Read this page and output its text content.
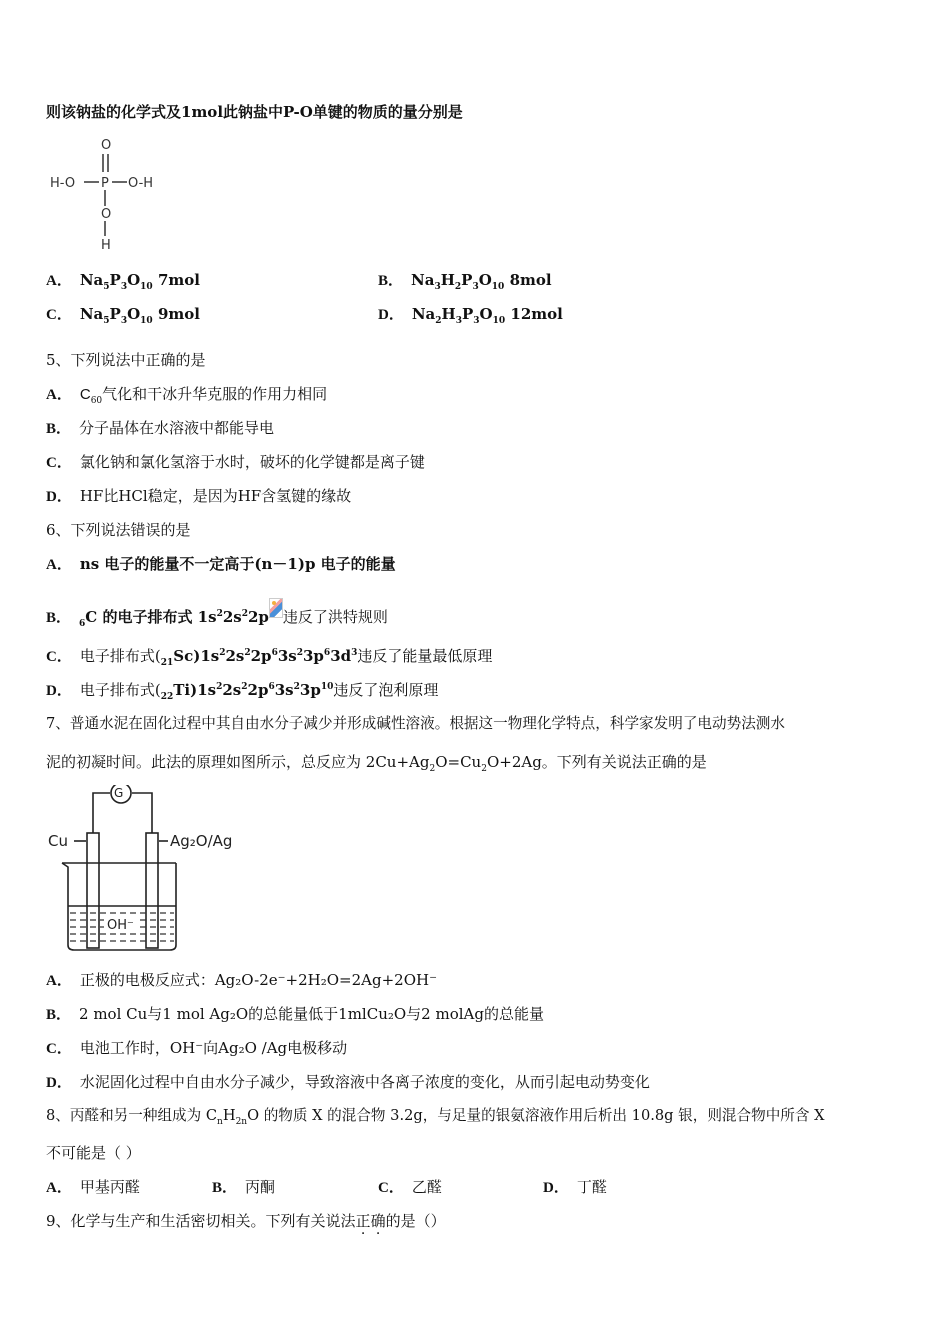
则该钠盐的化学式及1mol此钠盐中P-O单键的物质的量分别是
O
H-O P O-H
O
H
A． $Na_5P_3O_{10}$ 7mol	B． $Na_3H_2P_3O_{10}$ 8mol
C． $Na_5P_3O_{10}$ 9mol	D． $Na_2H_3P_3O_{10}$ 12mol
5、下列说法中正确的是
A． $C_{60}$气化和干冰升华克服的作用力相同
B． 分子晶体在水溶液中都能导电
C． 氯化钠和氯化氢溶于水时，破坏的化学键都是离子键
D． HF比HCl稳定，是因为HF含氢键的缘故
6、下列说法错误的是
A． ns 电子的能量不一定高于(n－1)p 电子的能量
B． $_6$C 的电子排布式 $1s^22s^22p$ 违反了洪特规则
C． 电子排布式$(_{21}Sc)1s^22s^22p^63s^23p^63d^3$违反了能量最低原理
D． 电子排布式$(_{22}Ti)1s^22s^22p^63s^23p^{10}$违反了泡利原理
7、普通水泥在固化过程中其自由水分子减少并形成碱性溶液。根据这一物理化学特点，科学家发明了电动势法测水
泥的初凝时间。此法的原理如图所示，总反应为 $2Cu+Ag_2O=Cu_2O+2Ag$。下列有关说法正确的是
G
Cu	Ag₂O/Ag
OH⁻
A． 正极的电极反应式：Ag₂O-2e⁻+2H₂O=2Ag+2OH⁻
B． 2 mol Cu与1 mol Ag₂O的总能量低于1mlCu₂O与2 molAg的总能量
C． 电池工作时，OH⁻向Ag₂O /Ag电极移动
D． 水泥固化过程中自由水分子减少，导致溶液中各离子浓度的变化，从而引起电动势变化
8、丙醛和另一种组成为 $C_nH_{2n}O$ 的物质 X 的混合物 3.2g，与足量的银氨溶液作用后析出 10.8g 银，则混合物中所含 X
不可能是（ ）
A． 甲基丙醛	B． 丙酮	C． 乙醛	D． 丁醛
9、化学与生产和生活密切相关。下列有关说法正确的是（）
